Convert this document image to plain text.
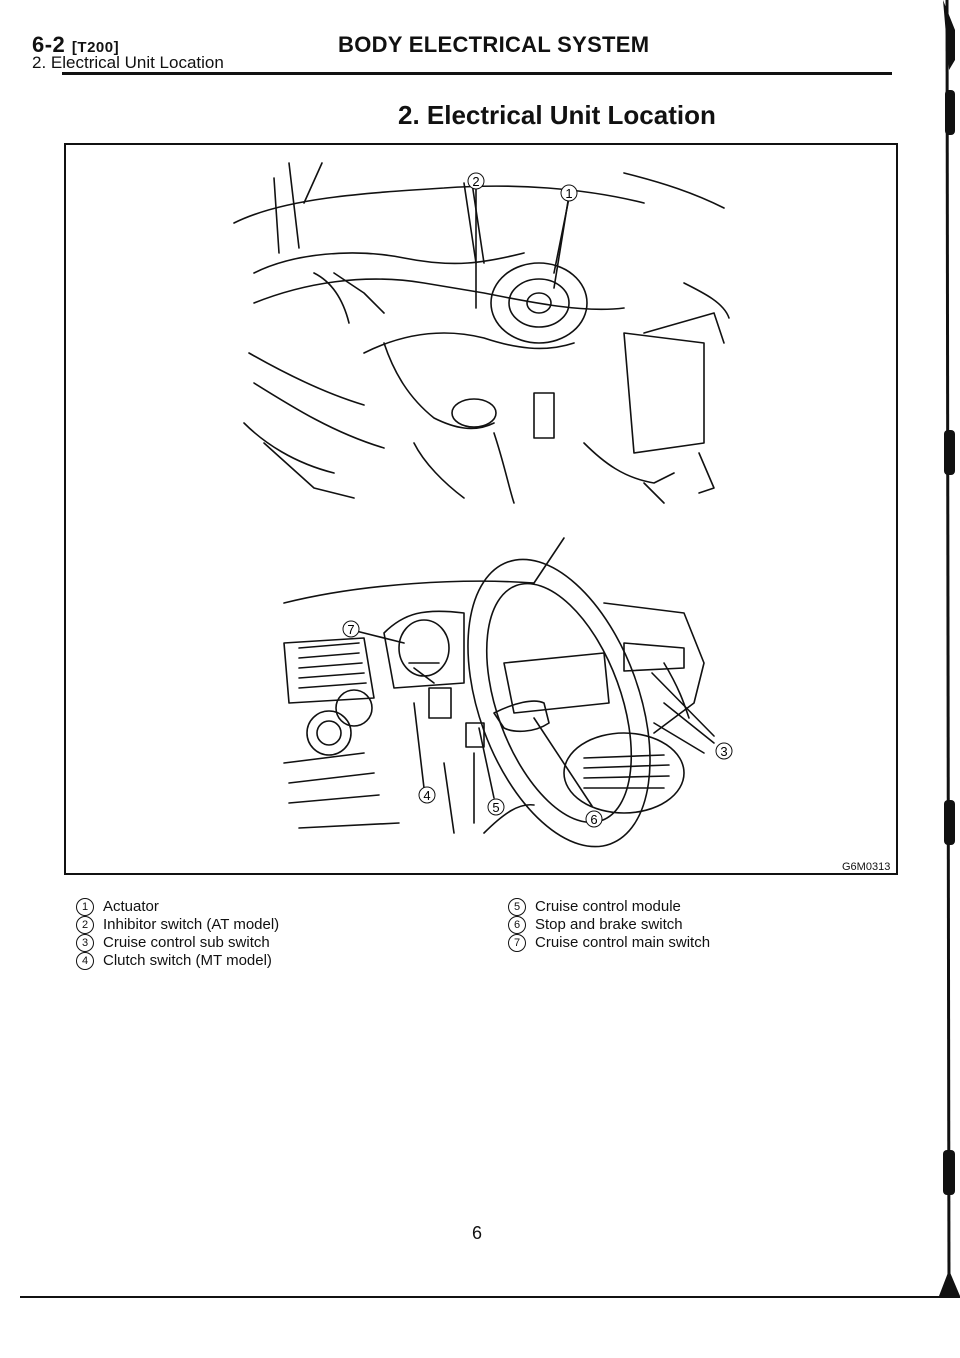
6-2 [T200]
2. Electrical Unit Location
BODY ELECTRICAL SYSTEM
2. Electrical Unit Location
2
1
3
4
5
6
7
G6M0313
1 Actuator
2 Inhibitor switch (AT model)
3 Cruise control sub switch
4 Clutch switch (MT model)
5 Cruise control module
6 Stop and brake switch
7 Cruise control main switch
6
